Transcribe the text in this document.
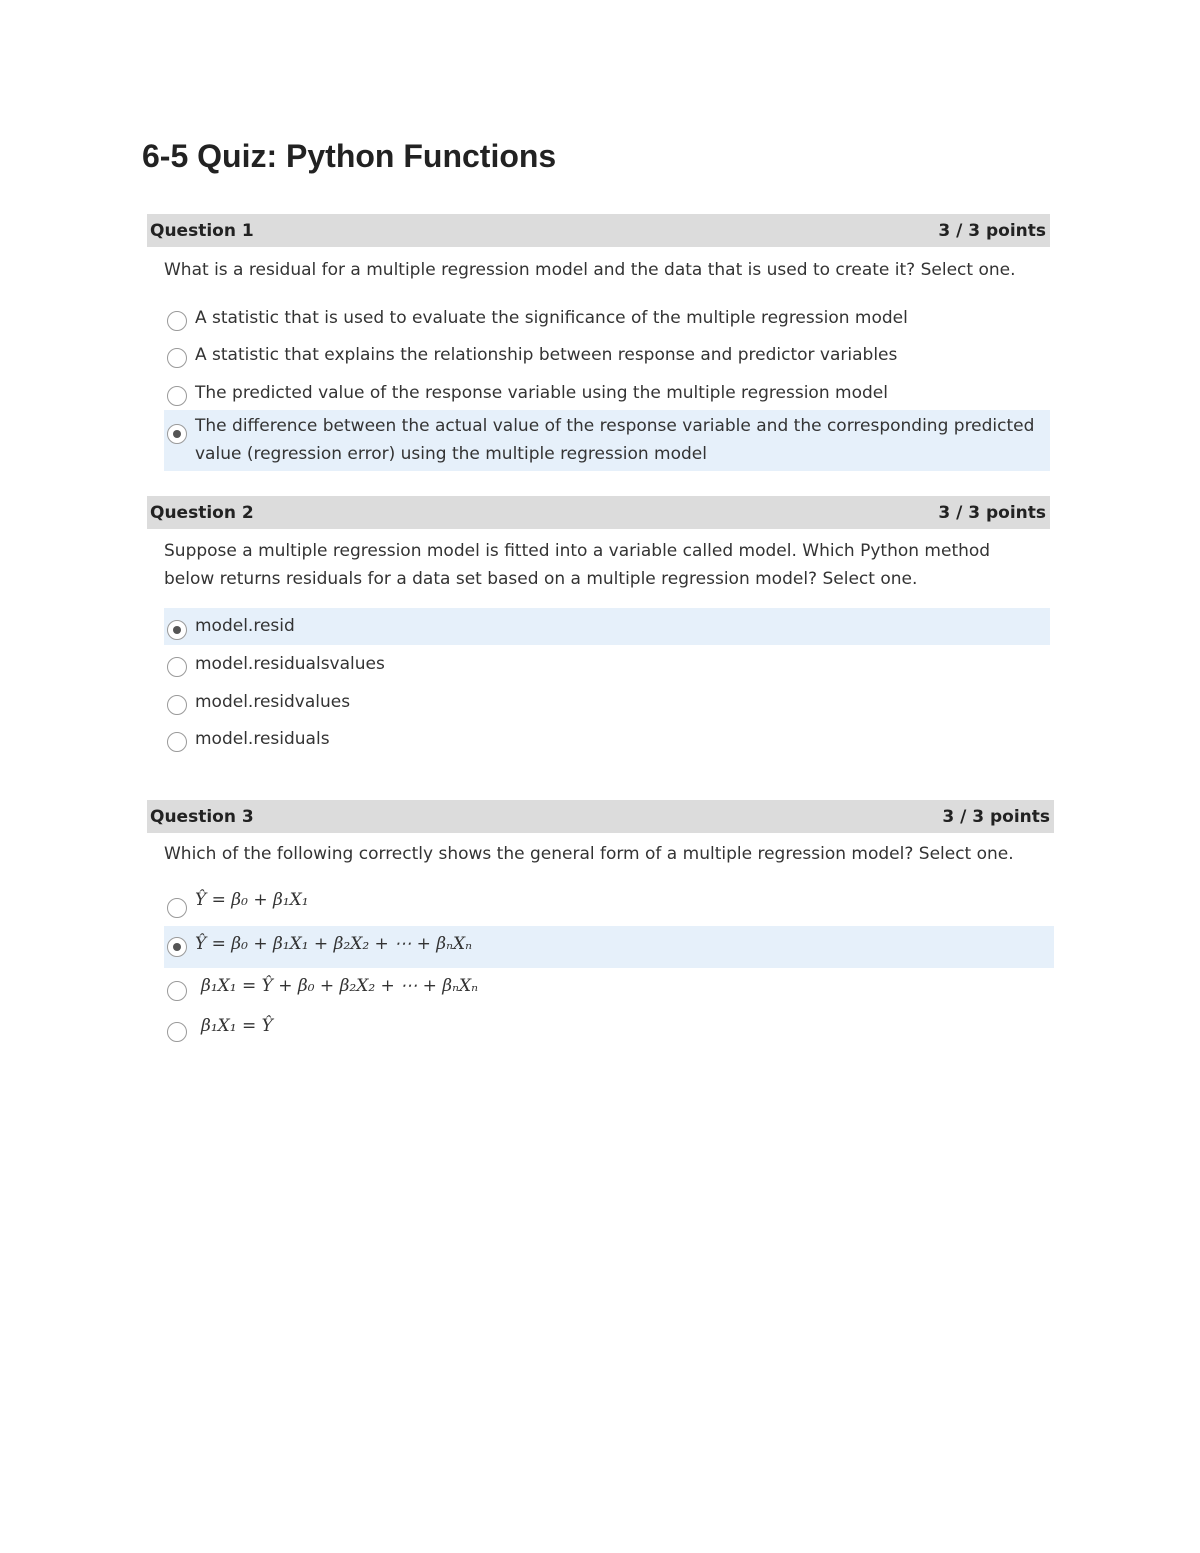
6-5 Quiz: Python Functions
Question 1	3 / 3 points

What is a residual for a multiple regression model and the data that is used to create it? Select one.

A statistic that is used to evaluate the significance of the multiple regression model
A statistic that explains the relationship between response and predictor variables
The predicted value of the response variable using the multiple regression model
The difference between the actual value of the response variable and the corresponding predicted value (regression error) using the multiple regression model
Question 2	3 / 3 points

Suppose a multiple regression model is fitted into a variable called model. Which Python method below returns residuals for a data set based on a multiple regression model? Select one.

model.resid
model.residualsvalues
model.residvalues
model.residuals
Question 3	3 / 3 points

Which of the following correctly shows the general form of a multiple regression model? Select one.

Ŷ = β₀ + β₁X₁
Ŷ = β₀ + β₁X₁ + β₂X₂ + ⋯ + βₙXₙ
β₁X₁ = Ŷ + β₀ + β₂X₂ + ⋯ + βₙXₙ
β₁X₁ = Ŷ
